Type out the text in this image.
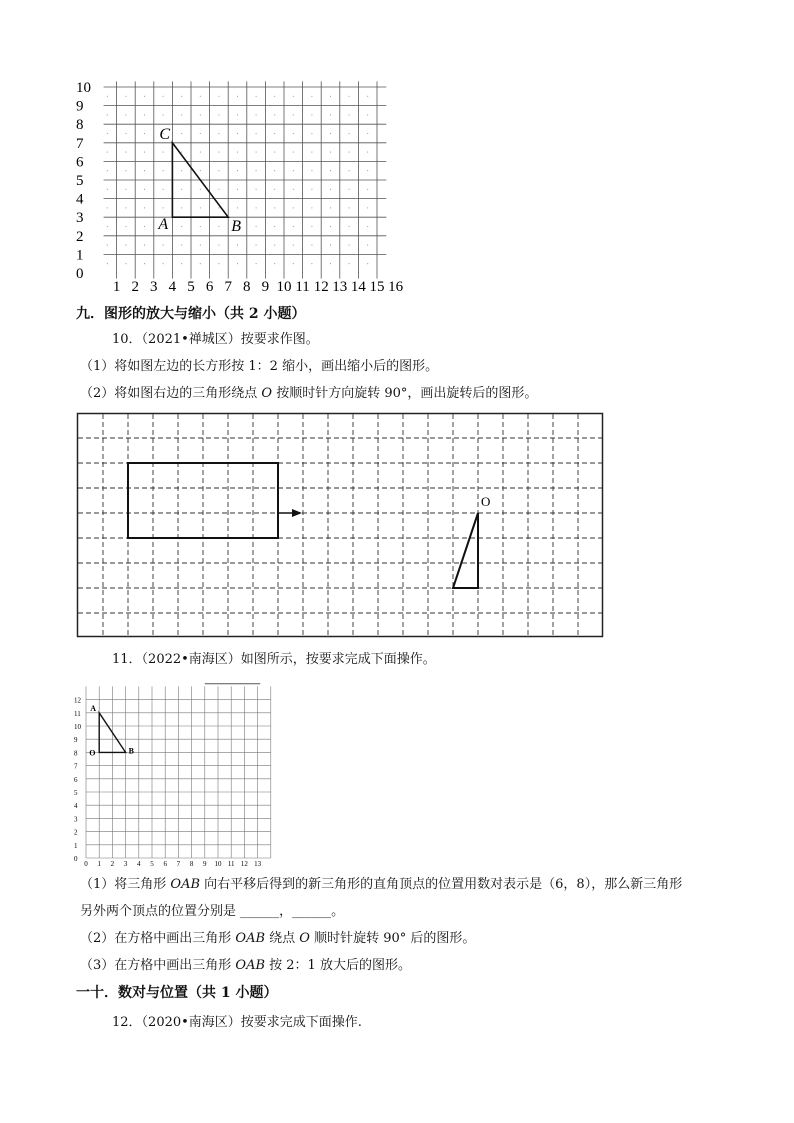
0
1
2
3
4
5
6
7
8
9
10
1 2 3 4 5 6 7 8 9 10 11 12 13 14 15 16
A	B
C
九．图形的放大与缩小（共 2 小题）
10．（2021•禅城区）按要求作图。
（1）将如图左边的长方形按 1：2 缩小，画出缩小后的图形。
（2）将如图右边的三角形绕点 O 按顺时针方向旋转 90°，画出旋转后的图形。
O
11．（2022•南海区）如图所示，按要求完成下面操作。
0
1
2
3
4
5
6
7
8
9
10
11
12
0 1 2 3 4 5 6 7 8 9 10 11 12 13
O
A
B
（1）将三角形 OAB 向右平移后得到的新三角形的直角顶点的位置用数对表示是（6，8），那么新三角形
另外两个顶点的位置分别是 ______，______。
（2）在方格中画出三角形 OAB 绕点 O 顺时针旋转 90° 后的图形。
（3）在方格中画出三角形 OAB 按 2：1 放大后的图形。
一十．数对与位置（共 1 小题）
12．（2020•南海区）按要求完成下面操作.
